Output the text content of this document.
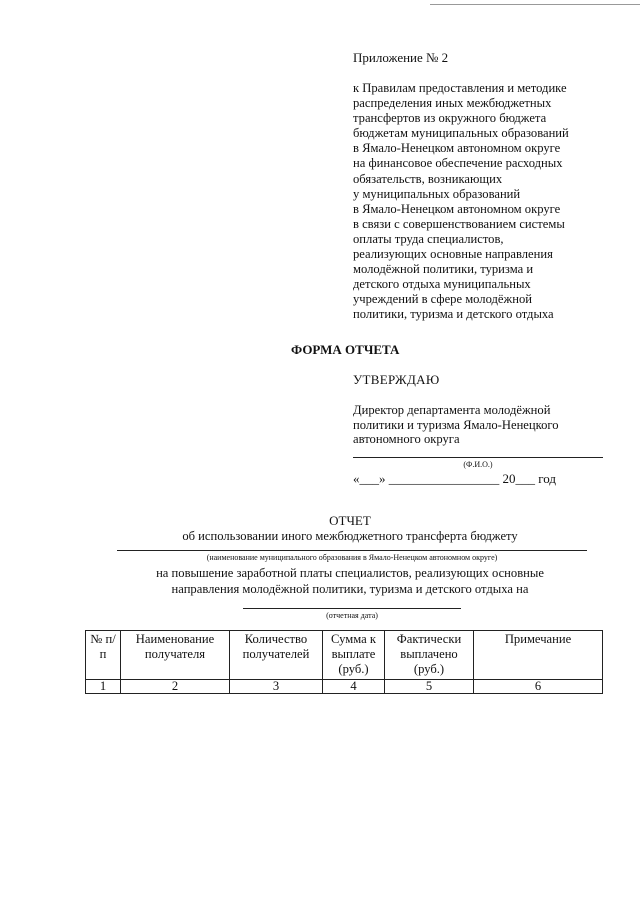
Приложение № 2
к Правилам предоставления и методике
распределения иных межбюджетных
трансфертов из окружного бюджета
бюджетам муниципальных образований
в Ямало-Ненецком автономном округе
на финансовое обеспечение расходных
обязательств, возникающих
у муниципальных образований
в Ямало-Ненецком автономном округе
в связи с совершенствованием системы
оплаты труда специалистов,
реализующих основные направления
молодёжной политики, туризма и
детского отдыха муниципальных
учреждений в сфере молодёжной
политики, туризма и детского отдыха
ФОРМА ОТЧЕТА
УТВЕРЖДАЮ
Директор департамента молодёжной
политики и туризма Ямало-Ненецкого
автономного округа
(Ф.И.О.)
«___» _________________ 20___ год
ОТЧЕТ
об использовании иного межбюджетного трансферта бюджету
(наименование муниципального образования в Ямало-Ненецком автономном округе)
на повышение заработной платы специалистов, реализующих основные
направления молодёжной политики, туризма и детского отдыха на
(отчетная дата)
№ п/п	Наименование получателя	Количество получателей	Сумма к выплате (руб.)	Фактически выплачено (руб.)	Примечание
1	2	3	4	5	6
